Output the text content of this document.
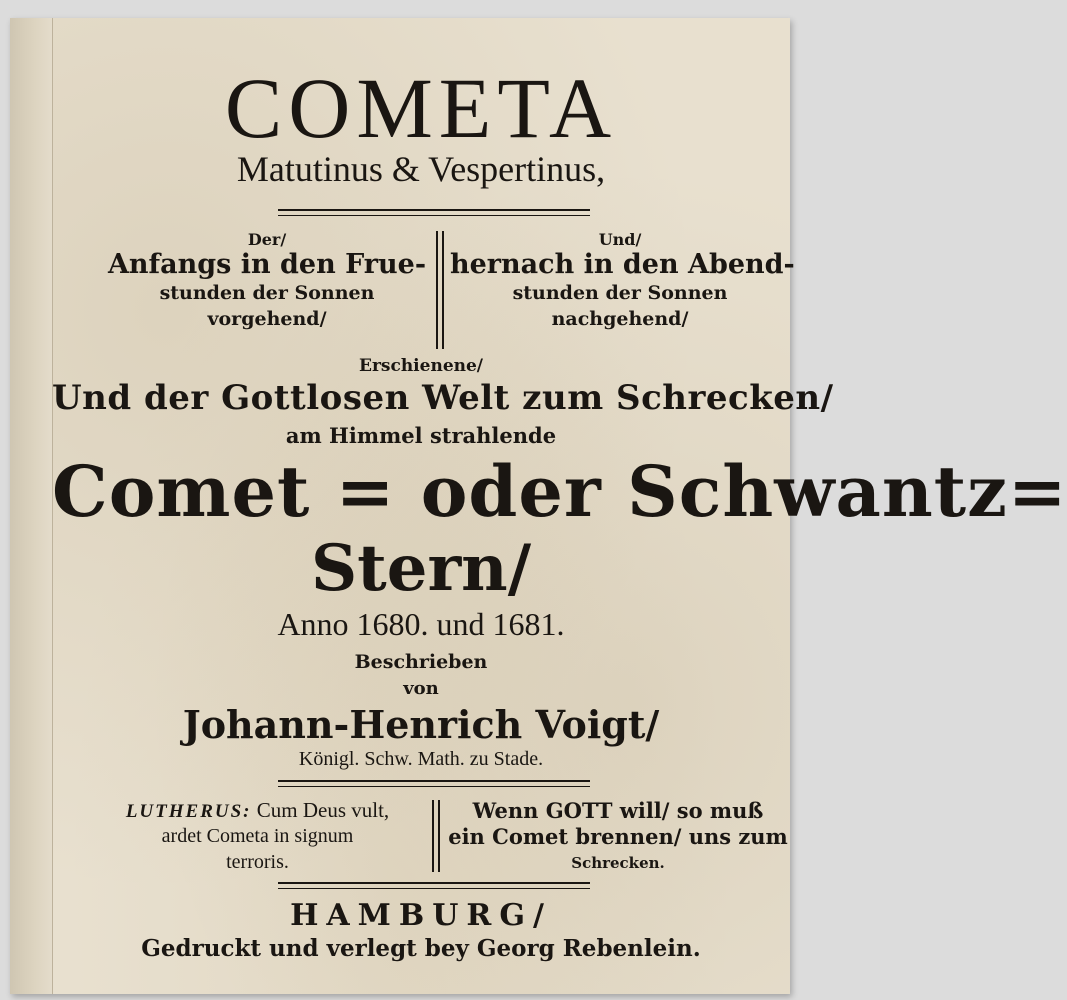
COMETA
Matutinus & Vespertinus,
Der/
Anfangs in den Frue-
stunden der Sonnen
vorgehend/
Und/
hernach in den Abend-
stunden der Sonnen
nachgehend/
Erschienene/
Und der Gottlosen Welt zum Schrecken/
am Himmel strahlende
Comet = oder Schwantz=
Stern/
Anno 1680. und 1681.
Beschrieben
von
Johann-Henrich Voigt/
Königl. Schw. Math. zu Stade.
LUTHERUS: Cum Deus vult,
ardet Cometa in signum
terroris.
Wenn GOTT will/ so muß
ein Comet brennen/ uns zum
Schrecken.
HAMBURG/
Gedruckt und verlegt bey Georg Rebenlein.
